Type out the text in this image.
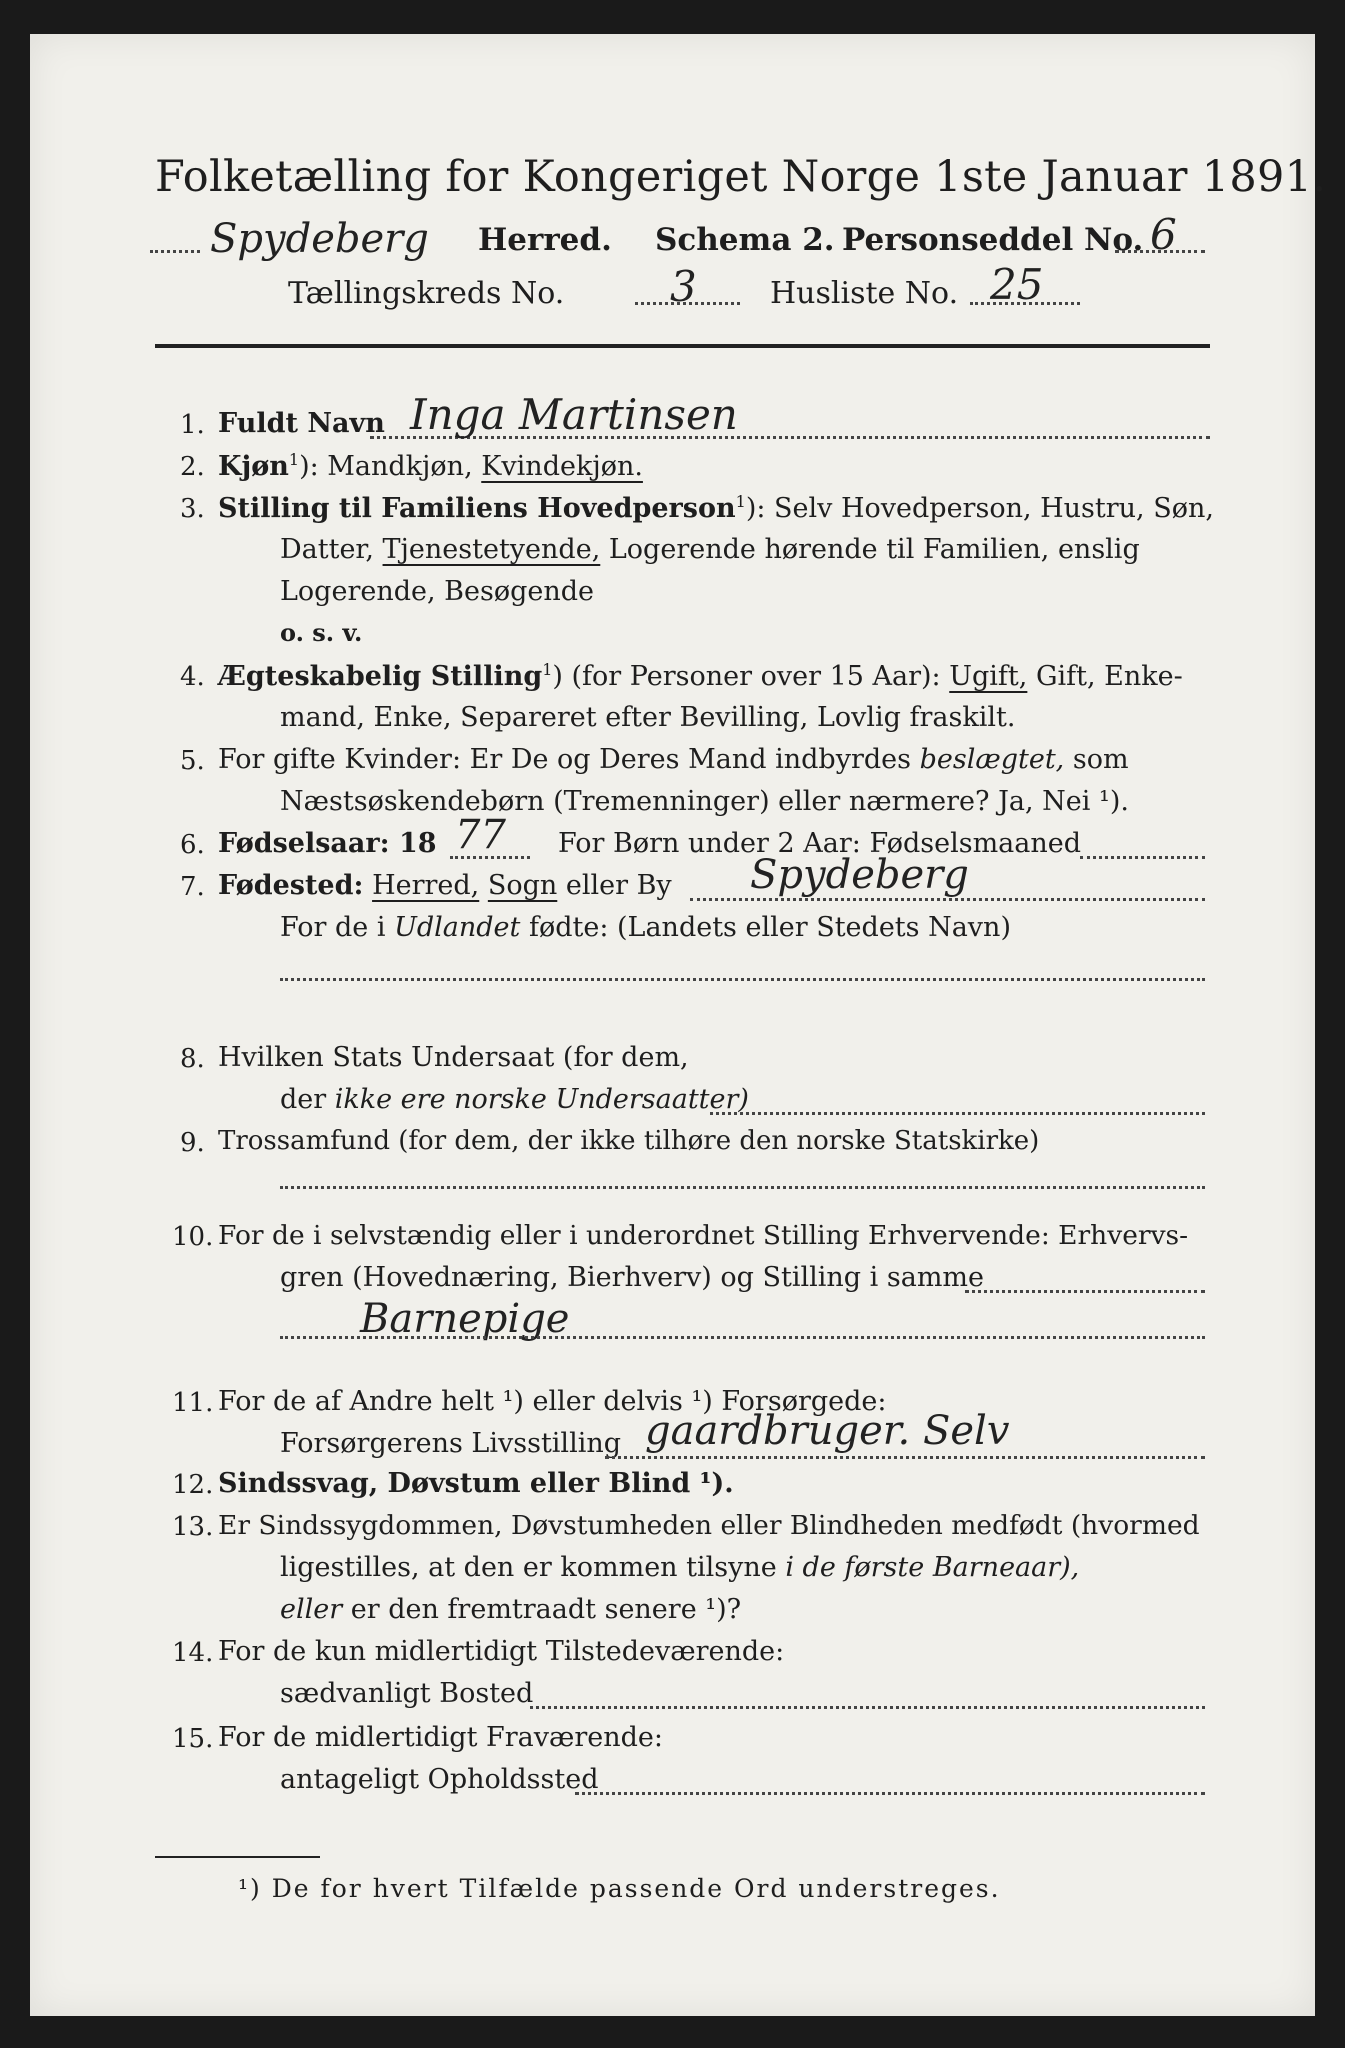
Folketælling for Kongeriget Norge 1ste Januar 1891.
Spydeberg Herred. Schema 2. Personseddel No. 6
Tællingskreds No.	3 Husliste No. 25
1. Fuldt Navn Inga Martinsen
2. Kjøn$^1$): Mandkjøn, Kvindekjøn.
3. Stilling til Familiens Hovedperson$^1$): Selv Hovedperson, Hustru, Søn,
Datter, Tjenestetyende, Logerende hørende til Familien, enslig
Logerende, Besøgende
o. s. v.
4. Ægteskabelig Stilling$^1$) (for Personer over 15 Aar): Ugift, Gift, Enke-
mand, Enke, Separeret efter Bevilling, Lovlig fraskilt.
5. For gifte Kvinder: Er De og Deres Mand indbyrdes beslægtet, som
Næstsøskendebørn (Tremenninger) eller nærmere? Ja, Nei ¹).
6. Fødselsaar: 18 77 For Børn under 2 Aar: Fødselsmaaned
7. Fødested: Herred, Sogn eller By Spydeberg
For de i Udlandet fødte: (Landets eller Stedets Navn)
8. Hvilken Stats Undersaat (for dem,
der ikke ere norske Undersaatter)
9. Trossamfund (for dem, der ikke tilhøre den norske Statskirke)
10. For de i selvstændig eller i underordnet Stilling Erhvervende: Erhvervs-
gren (Hovednæring, Bierhverv) og Stilling i samme
Barnepige
11. For de af Andre helt ¹) eller delvis ¹) Forsørgede:
Forsørgerens Livsstilling gaardbruger. Selv
12. Sindssvag, Døvstum eller Blind ¹).
13. Er Sindssygdommen, Døvstumheden eller Blindheden medfødt (hvormed
ligestilles, at den er kommen tilsyne i de første Barneaar),
eller er den fremtraadt senere ¹)?
14. For de kun midlertidigt Tilstedeværende:
sædvanligt Bosted
15. For de midlertidigt Fraværende:
antageligt Opholdssted
¹) De for hvert Tilfælde passende Ord understreges.
